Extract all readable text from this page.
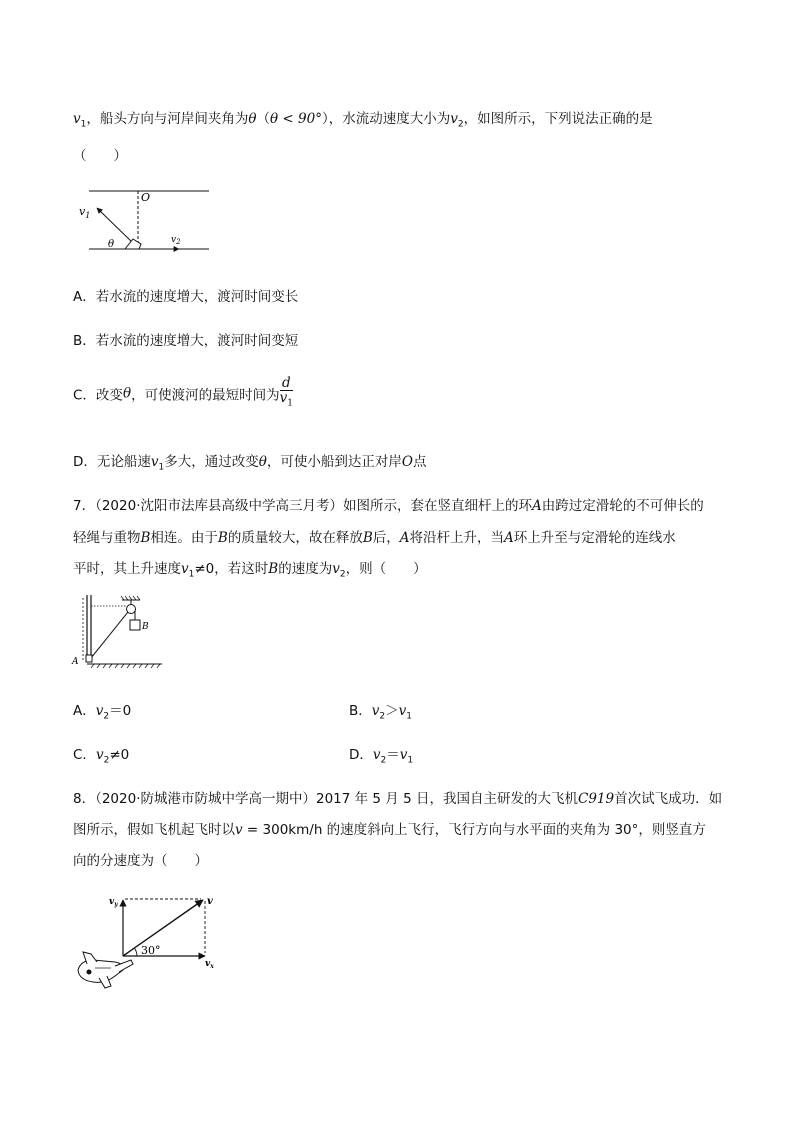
$v_1$，船头方向与河岸间夹角为θ（θ < 90°），水流动速度大小为$v_2$，如图所示，下列说法正确的是
（　　）
$v_1$
O
θ	$v_2$
A．若水流的速度增大，渡河时间变长
B．若水流的速度增大，渡河时间变短
C．改变θ，可使渡河的最短时间为 $\frac{d}{v_1}$
D．无论船速$v_1$多大，通过改变θ，可使小船到达正对岸O点
7．（2020·沈阳市法库县高级中学高三月考）如图所示，套在竖直细杆上的环A由跨过定滑轮的不可伸长的
轻绳与重物B相连。由于B的质量较大，故在释放B后，A将沿杆上升，当A环上升至与定滑轮的连线水
平时，其上升速度$v_1\ne 0$，若这时B的速度为$v_2$，则（　　）
B
A
A．$v_2=0$	B．$v_2>v_1$
C．$v_2\ne 0$	D．$v_2=v_1$
8．（2020·防城港市防城中学高一期中）2017 年 5 月 5 日，我国自主研发的大飞机C919首次试飞成功．如
图所示，假如飞机起飞时以v = 300km/h 的速度斜向上飞行，飞行方向与水平面的夹角为 30°，则竖直方
向的分速度为（　　）
30°
$v_y$	v
$v_x$
